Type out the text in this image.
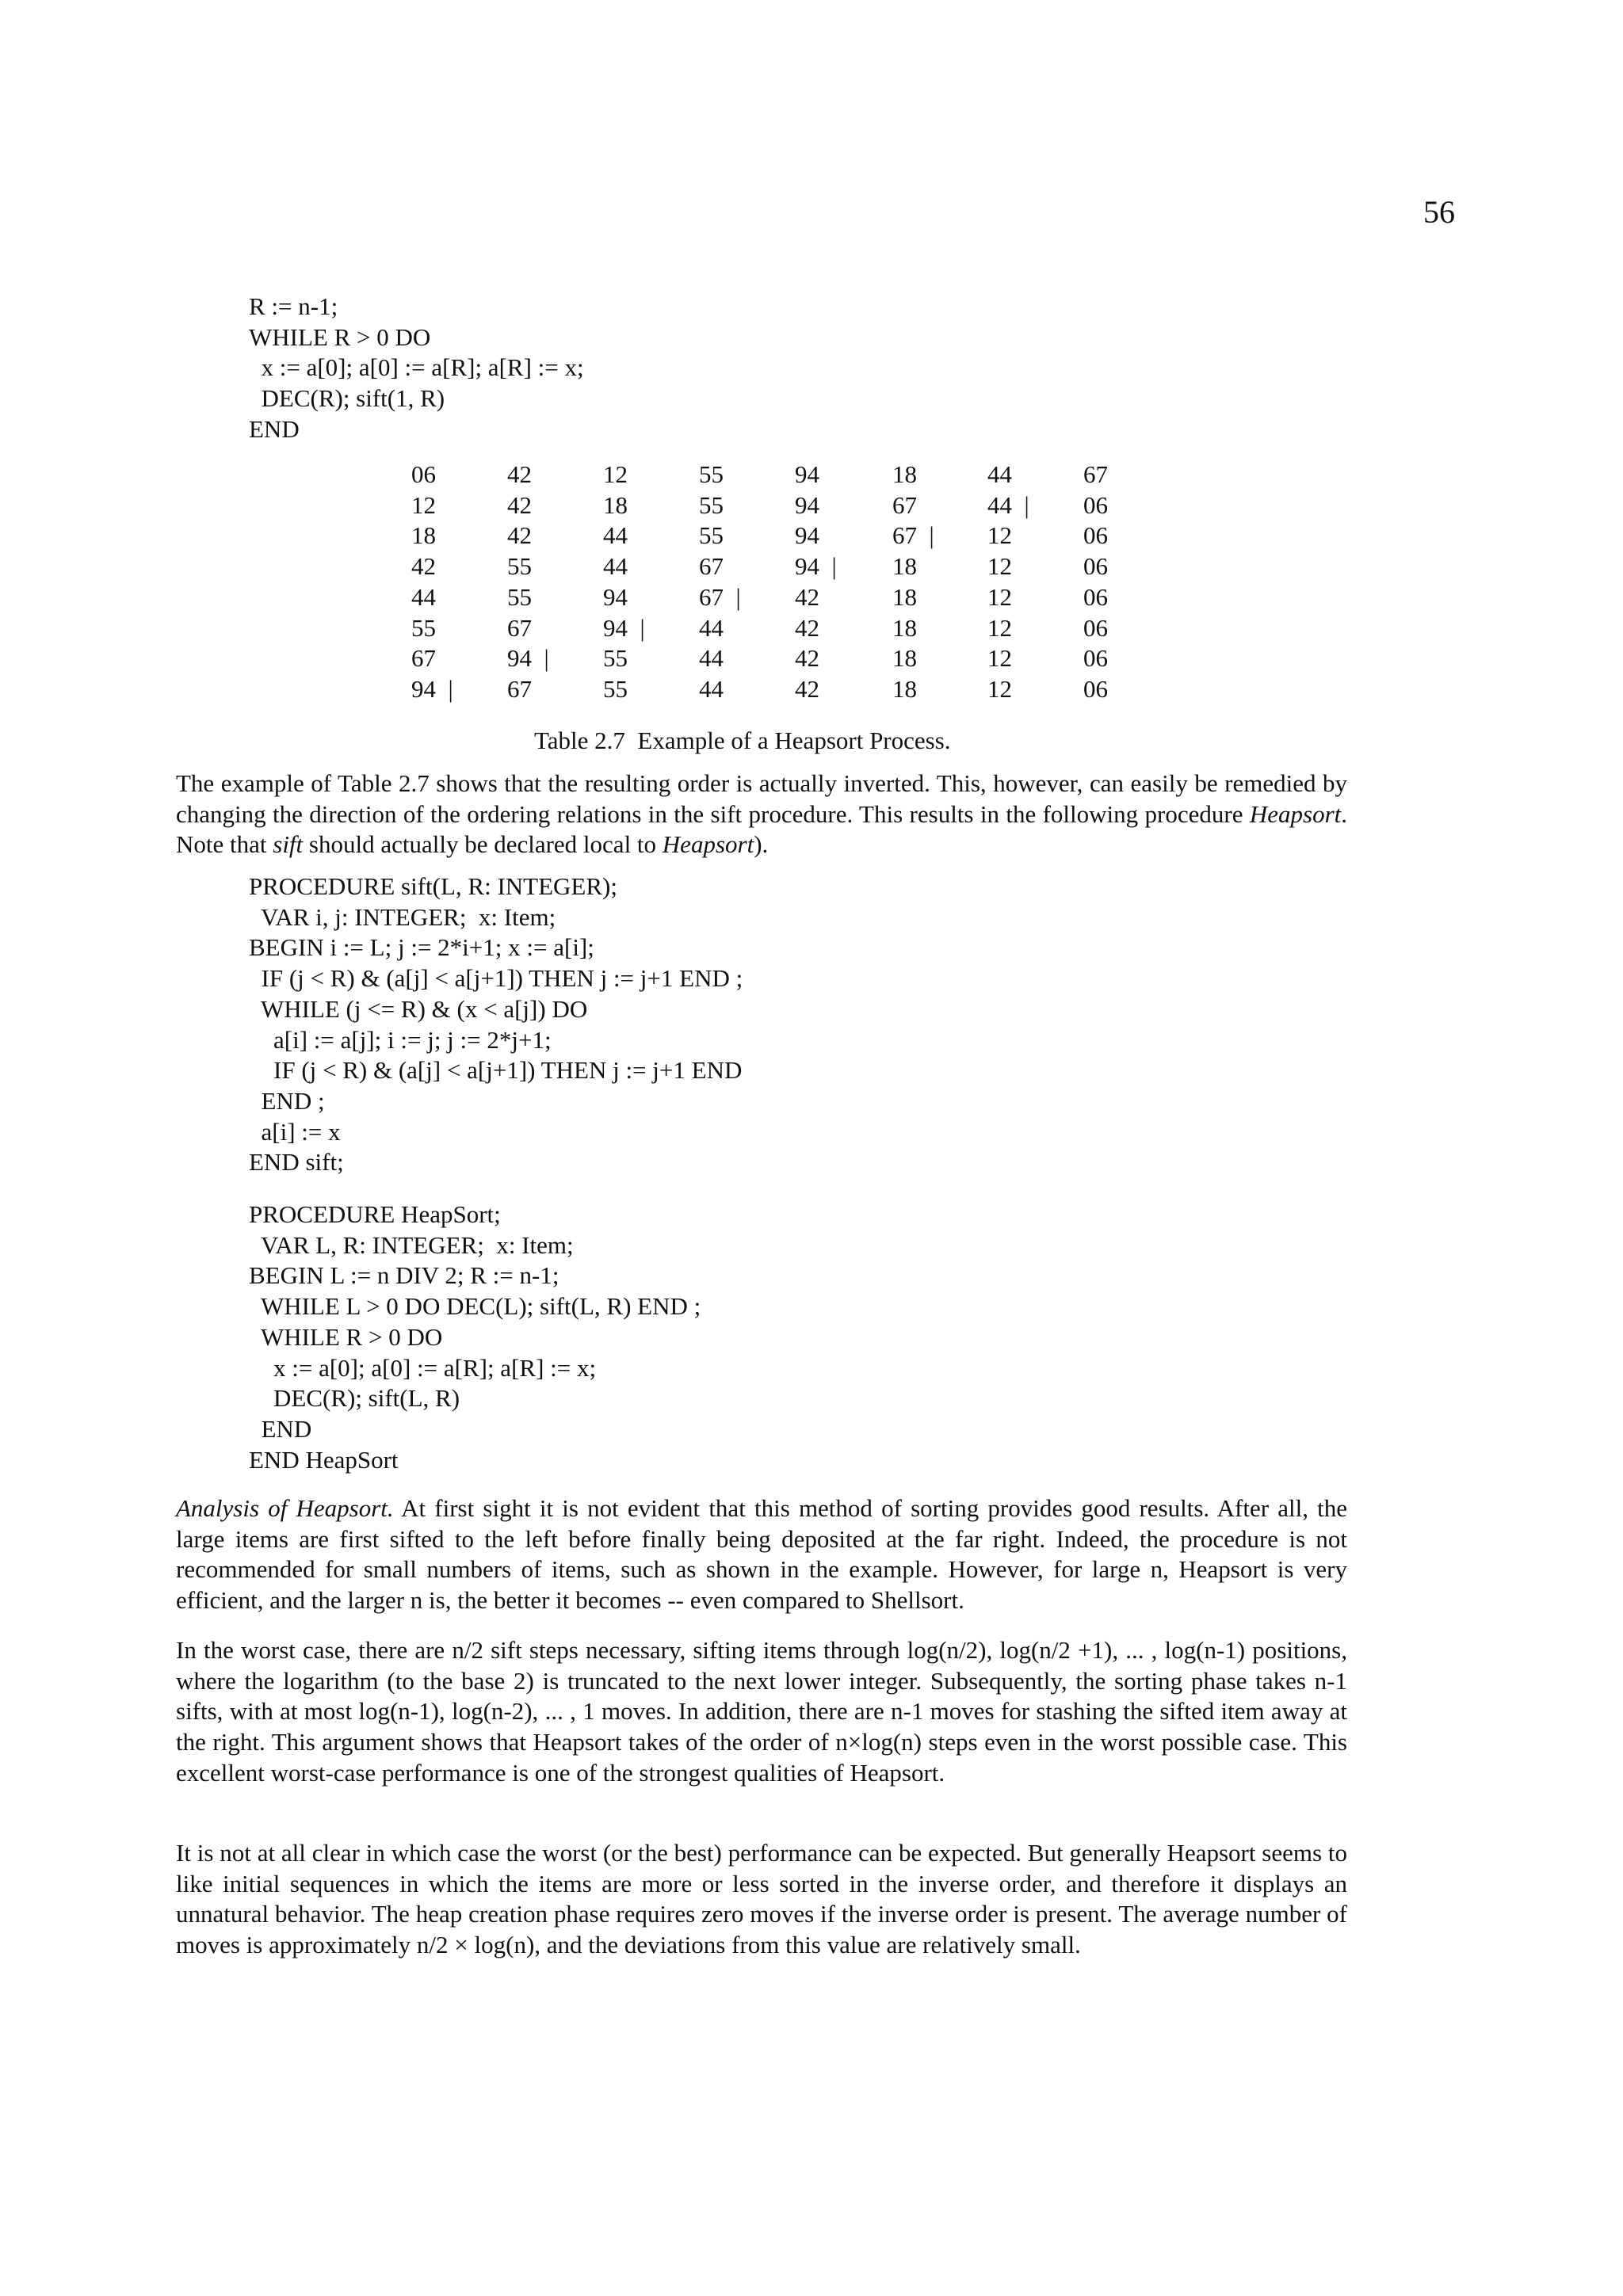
56
R := n-1;
WHILE R > 0 DO
x := a[0]; a[0] := a[R]; a[R] := x;
DEC(R); sift(1, R)
END
06	42	12	55	94	18	44	67
12	42	18	55	94	67	44  | 06
18	42	44	55	94	67  | 12	06
42	55	44	67	94  | 18	12	06
44	55	94	67  | 42	18	12	06
55	67	94  | 44	42	18	12	06
67	94  | 55	44	42	18	12	06
94  | 67	55	44	42	18	12	06
Table 2.7  Example of a Heapsort Process.

The example of Table 2.7 shows that the resulting order is actually inverted. This, however, can easily be remedied by changing the direction of the ordering relations in the sift procedure. This results in the following procedure Heapsort. Note that sift should actually be declared local to Heapsort).

PROCEDURE sift(L, R: INTEGER);
VAR i, j: INTEGER;  x: Item;
BEGIN i := L; j := 2*i+1; x := a[i];
IF (j < R) & (a[j] < a[j+1]) THEN j := j+1 END ;
WHILE (j <= R) & (x < a[j]) DO
a[i] := a[j]; i := j; j := 2*j+1;
IF (j < R) & (a[j] < a[j+1]) THEN j := j+1 END
END ;
a[i] := x
END sift;
PROCEDURE HeapSort;
VAR L, R: INTEGER;  x: Item;
BEGIN L := n DIV 2; R := n-1;
WHILE L > 0 DO DEC(L); sift(L, R) END ;
WHILE R > 0 DO
x := a[0]; a[0] := a[R]; a[R] := x;
DEC(R); sift(L, R)
END
END HeapSort

Analysis of Heapsort. At first sight it is not evident that this method of sorting provides good results. After all, the large items are first sifted to the left before finally being deposited at the far right. Indeed, the procedure is not recommended for small numbers of items, such as shown in the example. However, for large n, Heapsort is very efficient, and the larger n is, the better it becomes -- even compared to Shellsort.

In the worst case, there are n/2 sift steps necessary, sifting items through log(n/2), log(n/2 +1), ... , log(n-1) positions, where the logarithm (to the base 2) is truncated to the next lower integer. Subsequently, the sorting phase takes n-1 sifts, with at most log(n-1), log(n-2), ... , 1 moves. In addition, there are n-1 moves for stashing the sifted item away at the right. This argument shows that Heapsort takes of the order of n×log(n) steps even in the worst possible case. This excellent worst-case performance is one of the strongest qualities of Heapsort.

It is not at all clear in which case the worst (or the best) performance can be expected. But generally Heapsort seems to like initial sequences in which the items are more or less sorted in the inverse order, and therefore it displays an unnatural behavior. The heap creation phase requires zero moves if the inverse order is present. The average number of moves is approximately n/2 × log(n), and the deviations from this value are relatively small.
